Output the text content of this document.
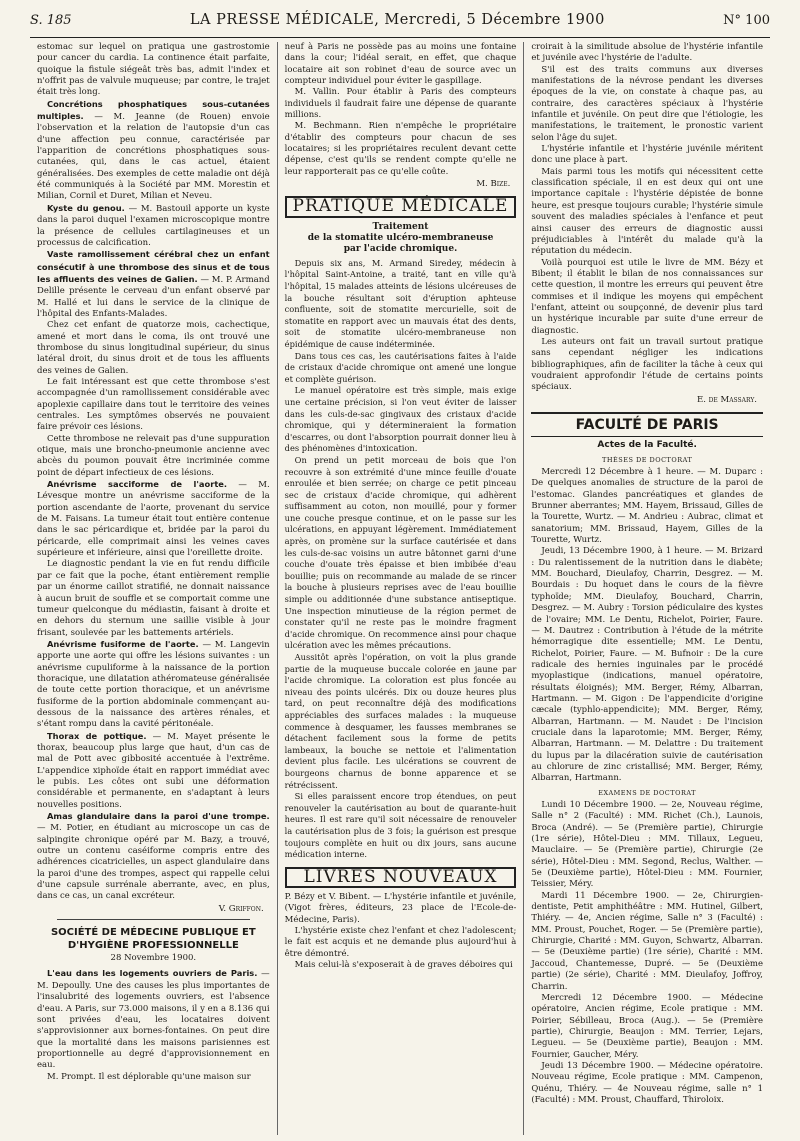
S. 185	LA PRESSE MÉDICALE, Mercredi, 5 Décembre 1900	N° 100

estomac sur lequel on pratiqua une gastrostomie pour cancer du cardia. La continence était parfaite, quoique la fistule siégeât très bas, admit l'index et n'offrit pas de valvule muqueuse; par contre, le trajet était très long.

Concrétions phosphatiques sous-cutanées multiples. — M. Jeanne (de Rouen) envoie l'observation et la relation de l'autopsie d'un cas d'une affection peu connue, caractérisée par l'apparition de concrétions phosphatiques sous-cutanées, qui, dans le cas actuel, étaient généralisées. Des exemples de cette maladie ont déjà été communiqués à la Société par MM. Morestin et Milian, Cornil et Duret, Milian et Neveu.

Kyste du genou. — M. Bastouil apporte un kyste dans la paroi duquel l'examen microscopique montre la présence de cellules cartilagineuses et un processus de calcification.

Vaste ramollissement cérébral chez un enfant consécutif à une thrombose des sinus et de tous les affluents des veines de Galien. — M. P. Armand Delille présente le cerveau d'un enfant observé par M. Hallé et lui dans le service de la clinique de l'hôpital des Enfants-Malades.

Chez cet enfant de quatorze mois, cachectique, amené et mort dans le coma, ils ont trouvé une thrombose du sinus longitudinal supérieur, du sinus latéral droit, du sinus droit et de tous les affluents des veines de Galien.

Le fait intéressant est que cette thrombose s'est accompagnée d'un ramollissement considérable avec apoplexie capillaire dans tout le territoire des veines centrales. Les symptômes observés ne pouvaient faire prévoir ces lésions.

Cette thrombose ne relevait pas d'une suppuration otique, mais une broncho-pneumonie ancienne avec abcès du poumon pouvait être incriminée comme point de départ infectieux de ces lésions.

Anévrisme sacciforme de l'aorte. — M. Lévesque montre un anévrisme sacciforme de la portion ascendante de l'aorte, provenant du service de M. Faisans. La tumeur était tout entière contenue dans le sac péricardique et, bridée par la paroi du péricarde, elle comprimait ainsi les veines caves supérieure et inférieure, ainsi que l'oreillette droite.

Le diagnostic pendant la vie en fut rendu difficile par ce fait que la poche, étant entièrement remplie par un énorme caillot stratifié, ne donnait naissance à aucun bruit de souffle et se comportait comme une tumeur quelconque du médiastin, faisant à droite et en dehors du sternum une saillie visible à jour frisant, soulevée par les battements artériels.

Anévrisme fusiforme de l'aorte. — M. Langevin apporte une aorte qui offre les lésions suivantes : un anévrisme cupuliforme à la naissance de la portion thoracique, une dilatation athéromateuse généralisée de toute cette portion thoracique, et un anévrisme fusiforme de la portion abdominale commençant au-dessous de la naissance des artères rénales, et s'étant rompu dans la cavité péritonéale.

Thorax de pottique. — M. Mayet présente le thorax, beaucoup plus large que haut, d'un cas de mal de Pott avec gibbosité accentuée à l'extrême. L'appendice xiphoïde était en rapport immédiat avec le pubis. Les côtes ont subi une déformation considérable et permanente, en s'adaptant à leurs nouvelles positions.

Amas glandulaire dans la paroi d'une trompe. — M. Potier, en étudiant au microscope un cas de salpingite chronique opéré par M. Bazy, a trouvé, outre un contenu caséiforme compris entre des adhérences cicatricielles, un aspect glandulaire dans la paroi d'une des trompes, aspect qui rappelle celui d'une capsule surrénale aberrante, avec, en plus, dans ce cas, un canal excréteur.

V. Griffon.
SOCIÉTÉ DE MÉDECINE PUBLIQUE ET D'HYGIÈNE PROFESSIONNELLE
28 Novembre 1900.

L'eau dans les logements ouvriers de Paris. — M. Depoully. Une des causes les plus importantes de l'insalubrité des logements ouvriers, est l'absence d'eau. A Paris, sur 73.000 maisons, il y en a 8.136 qui sont privées d'eau, les locataires doivent s'approvisionner aux bornes-fontaines. On peut dire que la mortalité dans les maisons parisiennes est proportionnelle au degré d'approvisionnement en eau.

M. Prompt. Il est déplorable qu'une maison sur

neuf à Paris ne possède pas au moins une fontaine dans la cour; l'idéal serait, en effet, que chaque locataire ait son robinet d'eau de source avec un compteur individuel pour éviter le gaspillage.

M. Vallin. Pour établir à Paris des compteurs individuels il faudrait faire une dépense de quarante millions.

M. Bechmann. Rien n'empêche le propriétaire d'établir des compteurs pour chacun de ses locataires; si les propriétaires reculent devant cette dépense, c'est qu'ils se rendent compte qu'elle ne leur rapporterait pas ce qu'elle coûte.

M. Bize.
PRATIQUE MÉDICALE
Traitement
de la stomatite ulcéro-membraneuse
par l'acide chromique.

Depuis six ans, M. Armand Siredey, médecin à l'hôpital Saint-Antoine, a traité, tant en ville qu'à l'hôpital, 15 malades atteints de lésions ulcéreuses de la bouche résultant soit d'éruption aphteuse confluente, soit de stomatite mercurielle, soit de stomatite en rapport avec un mauvais état des dents, soit de stomatite ulcéro-membraneuse non épidémique de cause indéterminée.

Dans tous ces cas, les cautérisations faites à l'aide de cristaux d'acide chromique ont amené une longue et complète guérison.

Le manuel opératoire est très simple, mais exige une certaine précision, si l'on veut éviter de laisser dans les culs-de-sac gingivaux des cristaux d'acide chromique, qui y détermineraient la formation d'escarres, ou dont l'absorption pourrait donner lieu à des phénomènes d'intoxication.

On prend un petit morceau de bois que l'on recouvre à son extrémité d'une mince feuille d'ouate enroulée et bien serrée; on charge ce petit pinceau sec de cristaux d'acide chromique, qui adhèrent suffisamment au coton, non mouillé, pour y former une couche presque continue, et on le passe sur les ulcérations, en appuyant légèrement. Immédiatement après, on promène sur la surface cautérisée et dans les culs-de-sac voisins un autre bâtonnet garni d'une couche d'ouate très épaisse et bien imbibée d'eau bouillie; puis on recommande au malade de se rincer la bouche à plusieurs reprises avec de l'eau bouillie simple ou additionnée d'une substance antiseptique. Une inspection minutieuse de la région permet de constater qu'il ne reste pas le moindre fragment d'acide chromique. On recommence ainsi pour chaque ulcération avec les mêmes précautions.

Aussitôt après l'opération, on voit la plus grande partie de la muqueuse buccale colorée en jaune par l'acide chromique. La coloration est plus foncée au niveau des points ulcérés. Dix ou douze heures plus tard, on peut reconnaître déjà des modifications appréciables des surfaces malades : la muqueuse commence à desquamer, les fausses membranes se détachent facilement sous la forme de petits lambeaux, la bouche se nettoie et l'alimentation devient plus facile. Les ulcérations se couvrent de bourgeons charnus de bonne apparence et se rétrécissent.

Si elles paraissent encore trop étendues, on peut renouveler la cautérisation au bout de quarante-huit heures. Il est rare qu'il soit nécessaire de renouveler la cautérisation plus de 3 fois; la guérison est presque toujours complète en huit ou dix jours, sans aucune médication interne.

LIVRES NOUVEAUX

P. Bézy et V. Bibent. — L'hystérie infantile et juvénile, (Vigot frères, éditeurs, 23 place de l'Ecole-de-Médecine, Paris).

L'hystérie existe chez l'enfant et chez l'adolescent; le fait est acquis et ne demande plus aujourd'hui à être démontré.

Mais celui-là s'exposerait à de graves déboires qui

croirait à la similitude absolue de l'hystérie infantile et juvénile avec l'hystérie de l'adulte.

S'il est des traits communs aux diverses manifestations de la névrose pendant les diverses époques de la vie, on constate à chaque pas, au contraire, des caractères spéciaux à l'hystérie infantile et juvénile. On peut dire que l'étiologie, les manifestations, le traitement, le pronostic varient selon l'âge du sujet.

L'hystérie infantile et l'hystérie juvénile méritent donc une place à part.

Mais parmi tous les motifs qui nécessitent cette classification spéciale, il en est deux qui ont une importance capitale : l'hystérie dépistée de bonne heure, est presque toujours curable; l'hystérie simule souvent des maladies spéciales à l'enfance et peut ainsi causer des erreurs de diagnostic aussi préjudiciables à l'intérêt du malade qu'à la réputation du médecin.

Voilà pourquoi est utile le livre de MM. Bézy et Bibent; il établit le bilan de nos connaissances sur cette question, il montre les erreurs qui peuvent être commises et il indique les moyens qui empêchent l'enfant, atteint ou soupçonné, de devenir plus tard un hystérique incurable par suite d'une erreur de diagnostic.

Les auteurs ont fait un travail surtout pratique sans cependant négliger les indications bibliographiques, afin de faciliter la tâche à ceux qui voudraient approfondir l'étude de certains points spéciaux.

E. de Massary.
FACULTÉ DE PARIS
Actes de la Faculté.
THÈSES DE DOCTORAT

Mercredi 12 Décembre à 1 heure. — M. Duparc : De quelques anomalies de structure de la paroi de l'estomac. Glandes pancréatiques et glandes de Brunner aberrantes; MM. Hayem, Brissaud, Gilles de la Tourette, Wurtz. — M. Andrieu : Aubrac, climat et sanatorium; MM. Brissaud, Hayem, Gilles de la Tourette, Wurtz.

Jeudi, 13 Décembre 1900, à 1 heure. — M. Brizard : Du ralentissement de la nutrition dans le diabète; MM. Bouchard, Dieulafoy, Charrin, Desgrez. — M. Bourdais : Du hoquet dans le cours de la fièvre typhoïde; MM. Dieulafoy, Bouchard, Charrin, Desgrez. — M. Aubry : Torsion pédiculaire des kystes de l'ovaire; MM. Le Dentu, Richelot, Poirier, Faure. — M. Dautrez : Contribution à l'étude de la métrite hémorragique dite essentielle; MM. Le Dentu, Richelot, Poirier, Faure. — M. Bufnoir : De la cure radicale des hernies inguinales par le procédé myoplastique (indications, manuel opératoire, résultats éloignés); MM. Berger, Rémy, Albarran, Hartmann. — M. Gigon : De l'appendicite d'origine cæcale (typhlo-appendicite); MM. Berger, Rémy, Albarran, Hartmann. — M. Naudet : De l'incision cruciale dans la laparotomie; MM. Berger, Rémy, Albarran, Hartmann. — M. Delattre : Du traitement du lupus par la dilacération suivie de cautérisation au chlorure de zinc cristallisé; MM. Berger, Rémy, Albarran, Hartmann.

EXAMENS DE DOCTORAT

Lundi 10 Décembre 1900. — 2e, Nouveau régime, Salle n° 2 (Faculté) : MM. Richet (Ch.), Launois, Broca (André). — 5e (Première partie), Chirurgie (1re série), Hôtel-Dieu : MM. Tillaux, Legueu, Mauclaire. — 5e (Première partie), Chirurgie (2e série), Hôtel-Dieu : MM. Segond, Reclus, Walther. — 5e (Deuxième partie), Hôtel-Dieu : MM. Fournier, Teissier, Méry.

Mardi 11 Décembre 1900. — 2e, Chirurgien-dentiste, Petit amphithéâtre : MM. Hutinel, Gilbert, Thiéry. — 4e, Ancien régime, Salle n° 3 (Faculté) : MM. Proust, Pouchet, Roger. — 5e (Première partie), Chirurgie, Charité : MM. Guyon, Schwartz, Albarran. — 5e (Deuxième partie) (1re série), Charité : MM. Jaccoud, Chantemesse, Dupré. — 5e (Deuxième partie) (2e série), Charité : MM. Dieulafoy, Joffroy, Charrin.

Mercredi 12 Décembre 1900. — Médecine opératoire, Ancien régime, Ecole pratique : MM. Poirier, Sébilleau, Broca (Aug.). — 5e (Première partie), Chirurgie, Beaujon : MM. Terrier, Lejars, Legueu. — 5e (Deuxième partie), Beaujon : MM. Fournier, Gaucher, Méry.

Jeudi 13 Décembre 1900. — Médecine opératoire. Nouveau régime, Ecole pratique : MM. Campenon, Quénu, Thiéry. — 4e Nouveau régime, salle n° 1 (Faculté) : MM. Proust, Chauffard, Thiroloix.
